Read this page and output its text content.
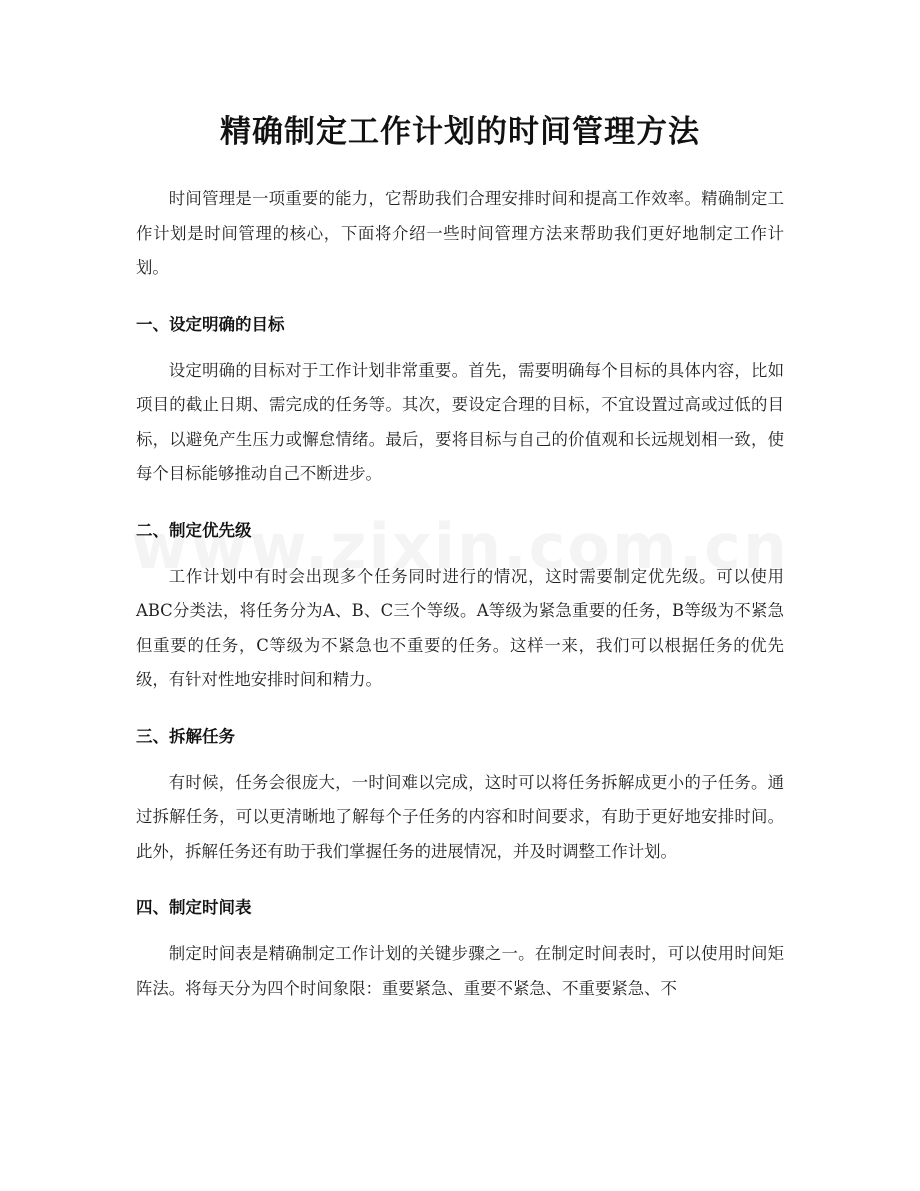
精确制定工作计划的时间管理方法

时间管理是一项重要的能力，它帮助我们合理安排时间和提高工作效率。精确制定工作计划是时间管理的核心，下面将介绍一些时间管理方法来帮助我们更好地制定工作计划。

一、设定明确的目标

设定明确的目标对于工作计划非常重要。首先，需要明确每个目标的具体内容，比如项目的截止日期、需完成的任务等。其次，要设定合理的目标，不宜设置过高或过低的目标，以避免产生压力或懈怠情绪。最后，要将目标与自己的价值观和长远规划相一致，使每个目标能够推动自己不断进步。

二、制定优先级

工作计划中有时会出现多个任务同时进行的情况，这时需要制定优先级。可以使用ABC分类法，将任务分为A、B、C三个等级。A等级为紧急重要的任务，B等级为不紧急但重要的任务，C等级为不紧急也不重要的任务。这样一来，我们可以根据任务的优先级，有针对性地安排时间和精力。

三、拆解任务

有时候，任务会很庞大，一时间难以完成，这时可以将任务拆解成更小的子任务。通过拆解任务，可以更清晰地了解每个子任务的内容和时间要求，有助于更好地安排时间。此外，拆解任务还有助于我们掌握任务的进展情况，并及时调整工作计划。

四、制定时间表

制定时间表是精确制定工作计划的关键步骤之一。在制定时间表时，可以使用时间矩阵法。将每天分为四个时间象限：重要紧急、重要不紧急、不重要紧急、不
